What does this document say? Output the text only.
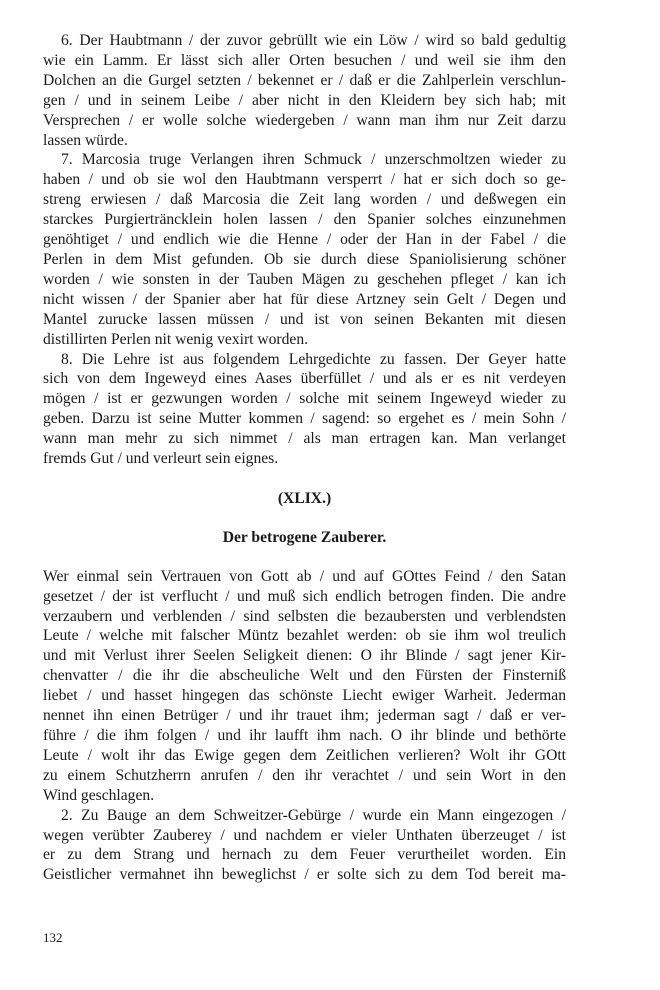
6. Der Haubtmann / der zuvor gebrüllt wie ein Löw / wird so bald gedultig
wie ein Lamm. Er lässt sich aller Orten besuchen / und weil sie ihm den
Dolchen an die Gurgel setzten / bekennet er / daß er die Zahlperlein verschlun-
gen / und in seinem Leibe / aber nicht in den Kleidern bey sich hab; mit
Versprechen / er wolle solche wiedergeben / wann man ihm nur Zeit darzu
lassen würde.

7. Marcosia truge Verlangen ihren Schmuck / unzerschmoltzen wieder zu
haben / und ob sie wol den Haubtmann versperrt / hat er sich doch so ge-
streng erwiesen / daß Marcosia die Zeit lang worden / und deßwegen ein
starckes Purgierträncklein holen lassen / den Spanier solches einzunehmen
genöhtiget / und endlich wie die Henne / oder der Han in der Fabel / die
Perlen in dem Mist gefunden. Ob sie durch diese Spaniolisierung schöner
worden / wie sonsten in der Tauben Mägen zu geschehen pfleget / kan ich
nicht wissen / der Spanier aber hat für diese Artzney sein Gelt / Degen und
Mantel zurucke lassen müssen / und ist von seinen Bekanten mit diesen
distillirten Perlen nit wenig vexirt worden.

8. Die Lehre ist aus folgendem Lehrgedichte zu fassen. Der Geyer hatte
sich von dem Ingeweyd eines Aases überfüllet / und als er es nit verdeyen
mögen / ist er gezwungen worden / solche mit seinem Ingeweyd wieder zu
geben. Darzu ist seine Mutter kommen / sagend: so ergehet es / mein Sohn /
wann man mehr zu sich nimmet / als man ertragen kan. Man verlanget
fremds Gut / und verleurt sein eignes.

(XLIX.)

Der betrogene Zauberer.

Wer einmal sein Vertrauen von Gott ab / und auf GOttes Feind / den Satan
gesetzet / der ist verflucht / und muß sich endlich betrogen finden. Die andre
verzaubern und verblenden / sind selbsten die bezaubersten und verblendsten
Leute / welche mit falscher Müntz bezahlet werden: ob sie ihm wol treulich
und mit Verlust ihrer Seelen Seligkeit dienen: O ihr Blinde / sagt jener Kir-
chenvatter / die ihr die abscheuliche Welt und den Fürsten der Finsterniß
liebet / und hasset hingegen das schönste Liecht ewiger Warheit. Jederman
nennet ihn einen Betrüger / und ihr trauet ihm; jederman sagt / daß er ver-
führe / die ihm folgen / und ihr laufft ihm nach. O ihr blinde und bethörte
Leute / wolt ihr das Ewige gegen dem Zeitlichen verlieren? Wolt ihr GOtt
zu einem Schutzherrn anrufen / den ihr verachtet / und sein Wort in den
Wind geschlagen.

2. Zu Bauge an dem Schweitzer-Gebürge / wurde ein Mann eingezogen /
wegen verübter Zauberey / und nachdem er vieler Unthaten überzeuget / ist
er zu dem Strang und hernach zu dem Feuer verurtheilet worden. Ein
Geistlicher vermahnet ihn beweglichst / er solte sich zu dem Tod bereit ma-

132
